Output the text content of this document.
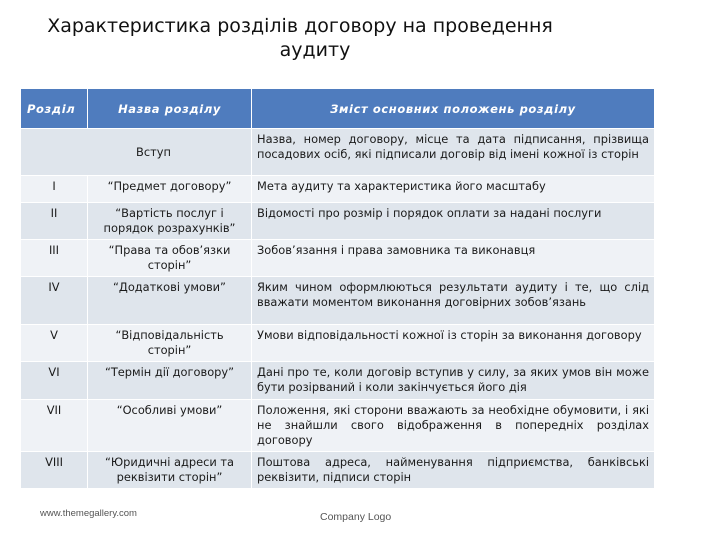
Характеристика розділів договору на проведення
аудиту
Розділ	Назва розділу	Зміст основних положень розділу
Вступ		Назва, номер договору, місце та дата підписання, прізвища посадових осіб, які підписали договір від імені кожної із сторін
I	“Предмет договору”	Мета аудиту та характеристика його масштабу
II	“Вартість послуг і порядок розрахунків”	Відомості про розмір і порядок оплати за надані послуги
III	“Права та обов’язки сторін”	Зобов’язання і права замовника та виконавця
IV	“Додаткові умови”	Яким чином оформлюються результати аудиту і те, що слід вважати моментом виконання договірних зобов’язань
V	“Відповідальність сторін”	Умови відповідальності кожної із сторін за виконання договору
VI	“Термін дії договору”	Дані про те, коли договір вступив у силу, за яких умов він може бути розірваний і коли закінчується його дія
VII	“Особливі умови”	Положення, які сторони вважають за необхідне обумовити, і які не знайшли свого відображення в попередніх розділах договору
VIII	“Юридичні адреси та реквізити сторін”	Поштова адреса, найменування підприємства, банківські реквізити, підписи сторін
www.themegallery.com	Company Logo
